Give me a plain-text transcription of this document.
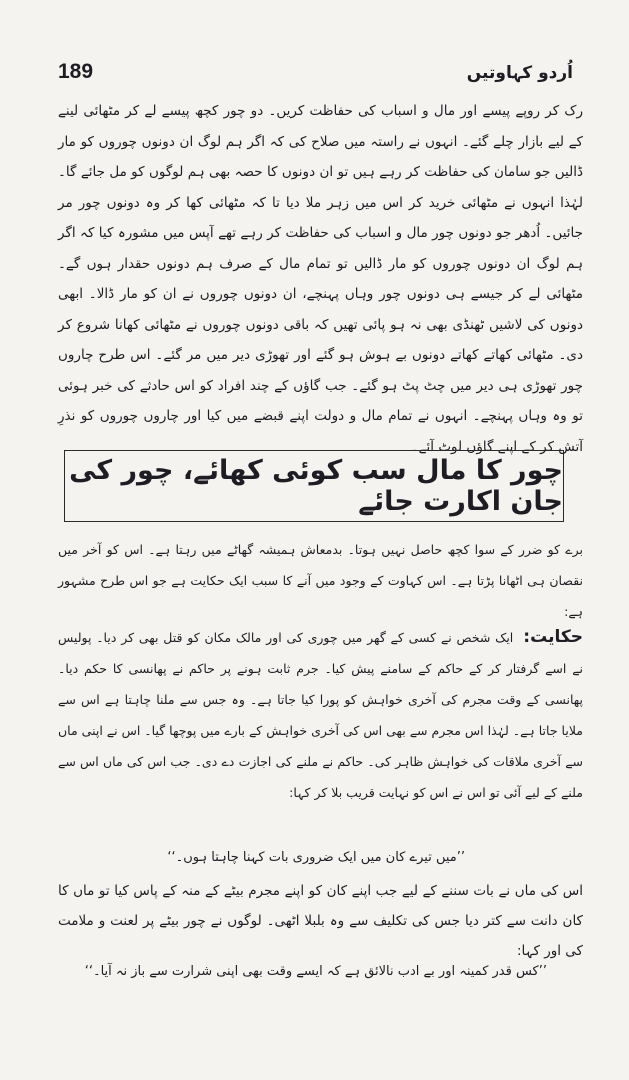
189	اُردو کہاوتیں

رک کر روپے پیسے اور مال و اسباب کی حفاظت کریں۔ دو چور کچھ پیسے لے کر مٹھائی لینے کے لیے بازار چلے گئے۔ انہوں نے راستہ میں صلاح کی کہ اگر ہم لوگ ان دونوں چوروں کو مار ڈالیں جو سامان کی حفاظت کر رہے ہیں تو ان دونوں کا حصہ بھی ہم لوگوں کو مل جائے گا۔ لہٰذا انہوں نے مٹھائی خرید کر اس میں زہر ملا دیا تا کہ مٹھائی کھا کر وہ دونوں چور مر جائیں۔ اُدھر جو دونوں چور مال و اسباب کی حفاظت کر رہے تھے آپس میں مشورہ کیا کہ اگر ہم لوگ ان دونوں چوروں کو مار ڈالیں تو تمام مال کے صرف ہم دونوں حقدار ہوں گے۔ مٹھائی لے کر جیسے ہی دونوں چور وہاں پہنچے، ان دونوں چوروں نے ان کو مار ڈالا۔ ابھی دونوں کی لاشیں ٹھنڈی بھی نہ ہو پائی تھیں کہ باقی دونوں چوروں نے مٹھائی کھانا شروع کر دی۔ مٹھائی کھاتے کھاتے دونوں بے ہوش ہو گئے اور تھوڑی دیر میں مر گئے۔ اس طرح چاروں چور تھوڑی ہی دیر میں چٹ پٹ ہو گئے۔ جب گاؤں کے چند افراد کو اس حادثے کی خبر ہوئی تو وہ وہاں پہنچے۔ انہوں نے تمام مال و دولت اپنے قبضے میں کیا اور چاروں چوروں کو نذرِ آتش کر کے اپنے گاؤں لوٹ آئے۔

چور کا مال سب کوئی کھائے، چور کی جان اکارت جائے

برے کو ضرر کے سوا کچھ حاصل نہیں ہوتا۔ بدمعاش ہمیشہ گھاٹے میں رہتا ہے۔ اس کو آخر میں نقصان ہی اٹھانا پڑتا ہے۔ اس کہاوت کے وجود میں آنے کا سبب ایک حکایت ہے جو اس طرح مشہور ہے:

حکایت:ایک شخص نے کسی کے گھر میں چوری کی اور مالک مکان کو قتل بھی کر دیا۔ پولیس نے اسے گرفتار کر کے حاکم کے سامنے پیش کیا۔ جرم ثابت ہونے پر حاکم نے پھانسی کا حکم دیا۔ پھانسی کے وقت مجرم کی آخری خواہش کو پورا کیا جاتا ہے۔ وہ جس سے ملنا چاہتا ہے اس سے ملایا جاتا ہے۔ لہٰذا اس مجرم سے بھی اس کی آخری خواہش کے بارے میں پوچھا گیا۔ اس نے اپنی ماں سے آخری ملاقات کی خواہش ظاہر کی۔ حاکم نے ملنے کی اجازت دے دی۔ جب اس کی ماں اس سے ملنے کے لیے آئی تو اس نے اس کو نہایت قریب بلا کر کہا:

’’میں تیرے کان میں ایک ضروری بات کہنا چاہتا ہوں۔‘‘

اس کی ماں نے بات سننے کے لیے جب اپنے کان کو اپنے مجرم بیٹے کے منہ کے پاس کیا تو ماں کا کان دانت سے کتر دیا جس کی تکلیف سے وہ بلبلا اٹھی۔ لوگوں نے چور بیٹے پر لعنت و ملامت کی اور کہا:

’’کس قدر کمینہ اور بے ادب نالائق ہے کہ ایسے وقت بھی اپنی شرارت سے باز نہ آیا۔‘‘
